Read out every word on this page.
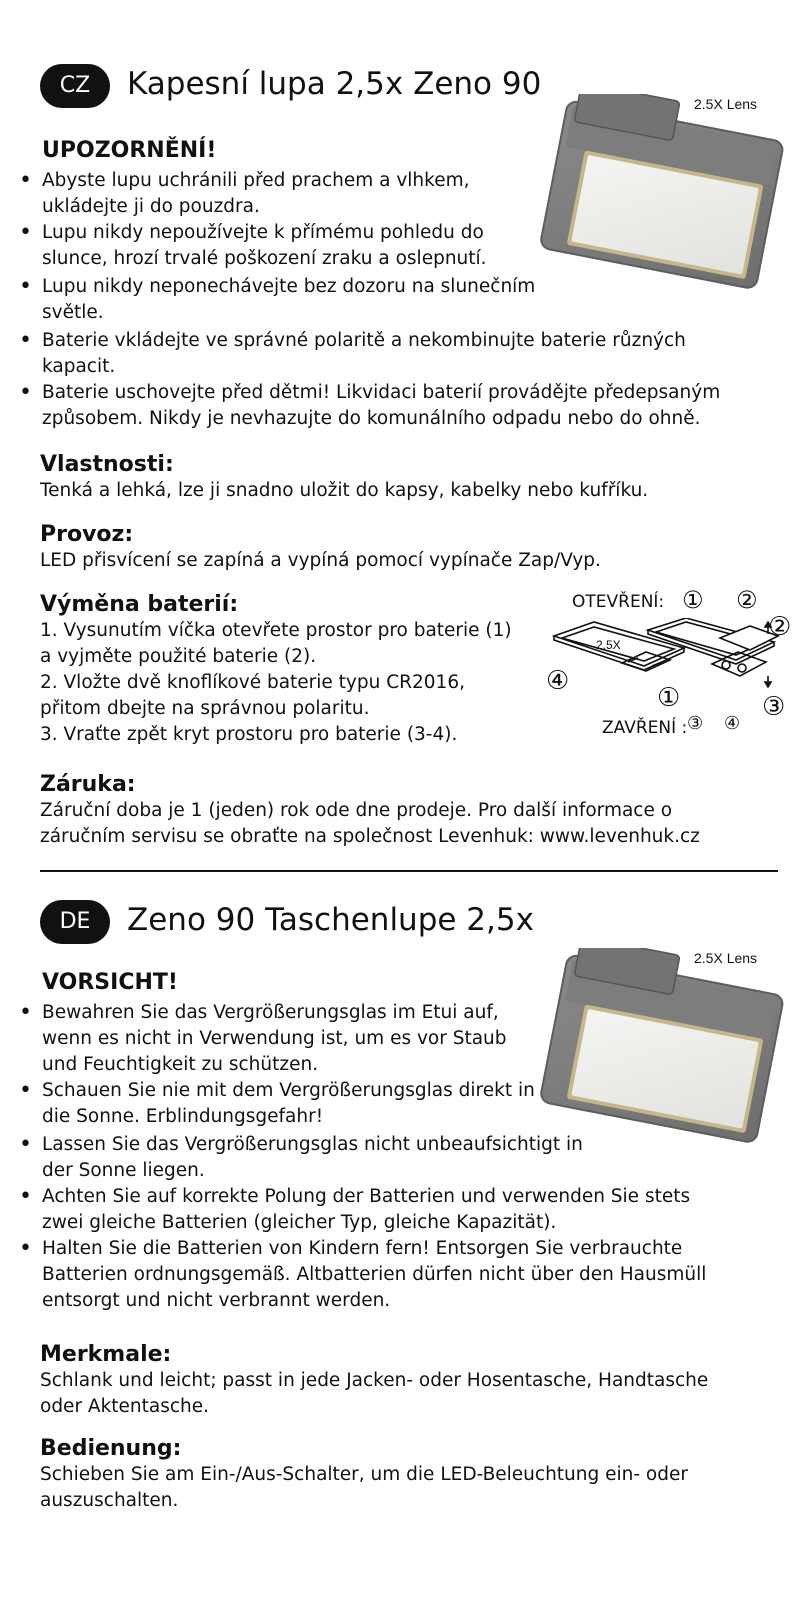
CZ	Kapesní lupa 2,5x Zeno 90
2.5X Lens
UPOZORNĚNÍ!
• Abyste lupu uchránili před prachem a vlhkem,
ukládejte ji do pouzdra.
• Lupu nikdy nepoužívejte k přímému pohledu do
slunce, hrozí trvalé poškození zraku a oslepnutí.
• Lupu nikdy neponechávejte bez dozoru na slunečním
světle.
• Baterie vkládejte ve správné polaritě a nekombinujte baterie různých
kapacit.
• Baterie uschovejte před dětmi! Likvidaci baterií provádějte předepsaným
způsobem. Nikdy je nevhazujte do komunálního odpadu nebo do ohně.
Vlastnosti:
Tenká a lehká, lze ji snadno uložit do kapsy, kabelky nebo kufříku.
Provoz:
LED přisvícení se zapíná a vypíná pomocí vypínače Zap/Vyp.
Výměna baterií:
1. Vysunutím víčka otevřete prostor pro baterie (1)
a vyjměte použité baterie (2).
2. Vložte dvě knoflíkové baterie typu CR2016,
přitom dbejte na správnou polaritu.
3. Vraťte zpět kryt prostoru pro baterie (3-4).
OTEVŘENÍ: ① ②
2.5X
②
④
①	③
ZAVŘENÍ : ③ ④
Záruka:
Záruční doba je 1 (jeden) rok ode dne prodeje. Pro další informace o
záručním servisu se obraťte na společnost Levenhuk: www.levenhuk.cz
DE	Zeno 90 Taschenlupe 2,5x
2.5X Lens
VORSICHT!
• Bewahren Sie das Vergrößerungsglas im Etui auf,
wenn es nicht in Verwendung ist, um es vor Staub
und Feuchtigkeit zu schützen.
• Schauen Sie nie mit dem Vergrößerungsglas direkt in
die Sonne. Erblindungsgefahr!
• Lassen Sie das Vergrößerungsglas nicht unbeaufsichtigt in
der Sonne liegen.
• Achten Sie auf korrekte Polung der Batterien und verwenden Sie stets
zwei gleiche Batterien (gleicher Typ, gleiche Kapazität).
• Halten Sie die Batterien von Kindern fern! Entsorgen Sie verbrauchte
Batterien ordnungsgemäß. Altbatterien dürfen nicht über den Hausmüll
entsorgt und nicht verbrannt werden.
Merkmale:
Schlank und leicht; passt in jede Jacken- oder Hosentasche, Handtasche
oder Aktentasche.
Bedienung:
Schieben Sie am Ein-/Aus-Schalter, um die LED-Beleuchtung ein- oder
auszuschalten.
